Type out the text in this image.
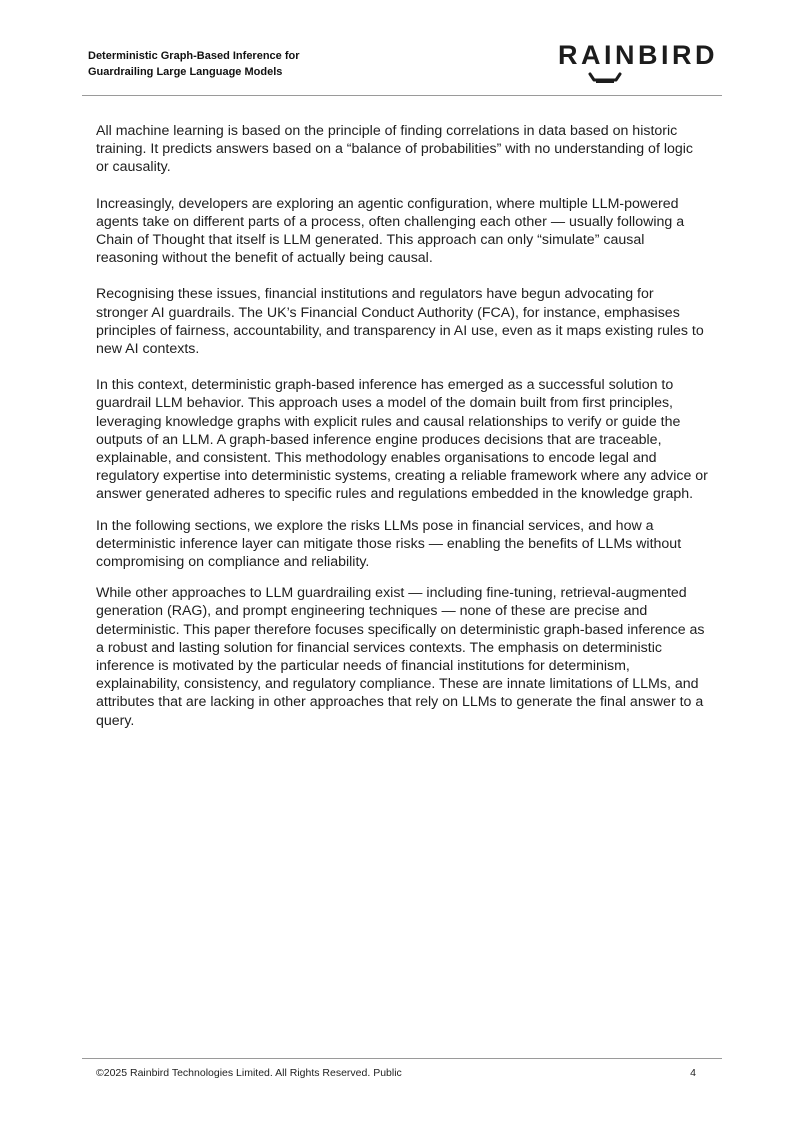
Deterministic Graph-Based Inference for
Guardrailing Large Language Models
RAINBIRD

All machine learning is based on the principle of finding correlations in data based on historic training. It predicts answers based on a “balance of probabilities” with no understanding of logic or causality.

Increasingly, developers are exploring an agentic configuration, where multiple LLM-powered agents take on different parts of a process, often challenging each other — usually following a Chain of Thought that itself is LLM generated. This approach can only “simulate” causal reasoning without the benefit of actually being causal.

Recognising these issues, financial institutions and regulators have begun advocating for stronger AI guardrails. The UK’s Financial Conduct Authority (FCA), for instance, emphasises principles of fairness, accountability, and transparency in AI use, even as it maps existing rules to new AI contexts.

In this context, deterministic graph-based inference has emerged as a successful solution to guardrail LLM behavior. This approach uses a model of the domain built from first principles, leveraging knowledge graphs with explicit rules and causal relationships to verify or guide the outputs of an LLM. A graph-based inference engine produces decisions that are traceable, explainable, and consistent. This methodology enables organisations to encode legal and regulatory expertise into deterministic systems, creating a reliable framework where any advice or answer generated adheres to specific rules and regulations embedded in the knowledge graph.

In the following sections, we explore the risks LLMs pose in financial services, and how a deterministic inference layer can mitigate those risks — enabling the benefits of LLMs without compromising on compliance and reliability.

While other approaches to LLM guardrailing exist — including fine-tuning, retrieval-augmented generation (RAG), and prompt engineering techniques — none of these are precise and deterministic. This paper therefore focuses specifically on deterministic graph-based inference as a robust and lasting solution for financial services contexts. The emphasis on deterministic inference is motivated by the particular needs of financial institutions for determinism, explainability, consistency, and regulatory compliance. These are innate limitations of LLMs, and attributes that are lacking in other approaches that rely on LLMs to generate the final answer to a query.

©2025 Rainbird Technologies Limited. All Rights Reserved. Public	4
